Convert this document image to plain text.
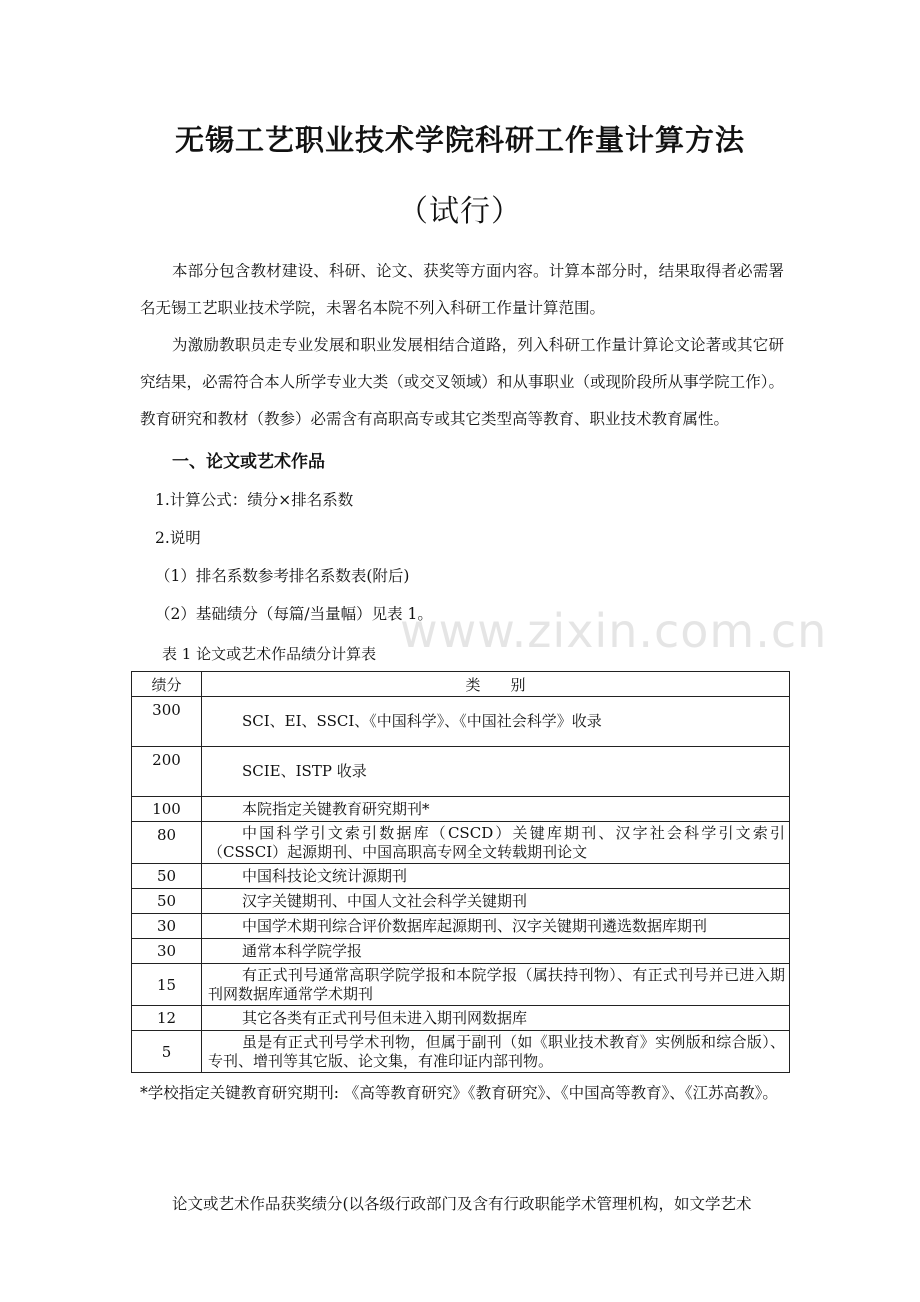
无锡工艺职业技术学院科研工作量计算方法
（试行）
本部分包含教材建设、科研、论文、获奖等方面内容。计算本部分时，结果取得者必需署名无锡工艺职业技术学院，未署名本院不列入科研工作量计算范围。
为激励教职员走专业发展和职业发展相结合道路，列入科研工作量计算论文论著或其它研究结果，必需符合本人所学专业大类（或交叉领域）和从事职业（或现阶段所从事学院工作）。教育研究和教材（教参）必需含有高职高专或其它类型高等教育、职业技术教育属性。
一、论文或艺术作品
1.计算公式：绩分×排名系数
2.说明
（1）排名系数参考排名系数表(附后)
（2）基础绩分（每篇/当量幅）见表 1。
表 1 论文或艺术作品绩分计算表
绩分	类别
300	SCI、EI、SSCI、《中国科学》、《中国社会科学》收录

200	SCIE、ISTP 收录

100	本院指定关键教育研究期刊*

80	中国科学引文索引数据库（CSCD）关键库期刊、汉字社会科学引文索引（CSSCI）起源期刊、中国高职高专网全文转载期刊论文

50	中国科技论文统计源期刊

50	汉字关键期刊、中国人文社会科学关键期刊

30	中国学术期刊综合评价数据库起源期刊、汉字关键期刊遴选数据库期刊

30	通常本科学院学报

15	有正式刊号通常高职学院学报和本院学报（属扶持刊物）、有正式刊号并已进入期刊网数据库通常学术期刊

12	其它各类有正式刊号但未进入期刊网数据库

5	虽是有正式刊号学术刊物，但属于副刊（如《职业技术教育》实例版和综合版）、专刊、增刊等其它版、论文集，有准印证内部刊物。
*学校指定关键教育研究期刊: 《高等教育研究》《教育研究》、《中国高等教育》、《江苏高教》。
论文或艺术作品获奖绩分(以各级行政部门及含有行政职能学术管理机构，如文学艺术
www.zixin.com.cn
